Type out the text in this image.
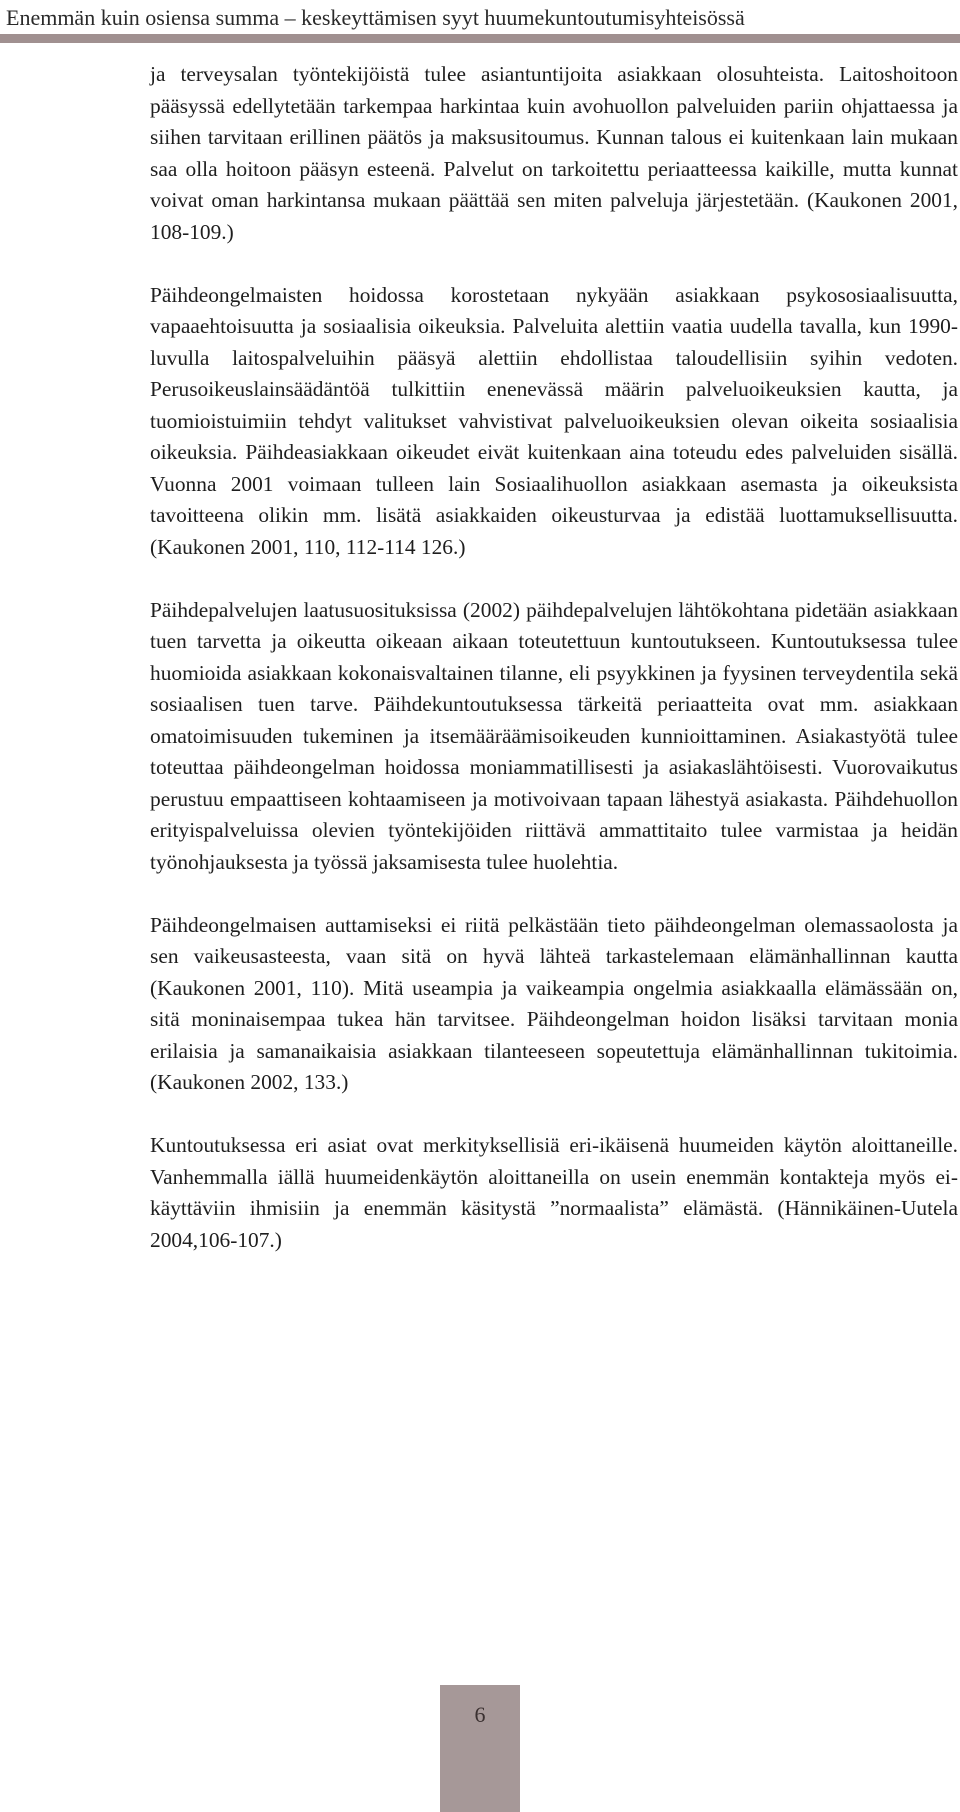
Enemmän kuin osiensa summa – keskeyttämisen syyt huumekuntoutumisyhteisössä

ja terveysalan työntekijöistä tulee asiantuntijoita asiakkaan olosuhteista. Laitoshoitoon pääsyssä edellytetään tarkempaa harkintaa kuin avohuollon palveluiden pariin ohjattaessa ja siihen tarvitaan erillinen päätös ja maksusitoumus. Kunnan talous ei kuitenkaan lain mukaan saa olla hoitoon pääsyn esteenä. Palvelut on tarkoitettu periaatteessa kaikille, mutta kunnat voivat oman harkintansa mukaan päättää sen miten palveluja järjestetään. (Kaukonen 2001, 108-109.)

Päihdeongelmaisten hoidossa korostetaan nykyään asiakkaan psykososiaalisuutta, vapaaehtoisuutta ja sosiaalisia oikeuksia. Palveluita alettiin vaatia uudella tavalla, kun 1990-luvulla laitospalveluihin pääsyä alettiin ehdollistaa taloudellisiin syihin vedoten. Perusoikeuslainsäädäntöä tulkittiin enenevässä määrin palveluoikeuksien kautta, ja tuomioistuimiin tehdyt valitukset vahvistivat palveluoikeuksien olevan oikeita sosiaalisia oikeuksia. Päihdeasiakkaan oikeudet eivät kuitenkaan aina toteudu edes palveluiden sisällä. Vuonna 2001 voimaan tulleen lain Sosiaalihuollon asiakkaan asemasta ja oikeuksista tavoitteena olikin mm. lisätä asiakkaiden oikeusturvaa ja edistää luottamuksellisuutta. (Kaukonen 2001, 110, 112-114 126.)

Päihdepalvelujen laatusuosituksissa (2002) päihdepalvelujen lähtökohtana pidetään asiakkaan tuen tarvetta ja oikeutta oikeaan aikaan toteutettuun kuntoutukseen. Kuntoutuksessa tulee huomioida asiakkaan kokonaisvaltainen tilanne, eli psyykkinen ja fyysinen terveydentila sekä sosiaalisen tuen tarve. Päihdekuntoutuksessa tärkeitä periaatteita ovat mm. asiakkaan omatoimisuuden tukeminen ja itsemääräämisoikeuden kunnioittaminen. Asiakastyötä tulee toteuttaa päihdeongelman hoidossa moniammatillisesti ja asiakaslähtöisesti. Vuorovaikutus perustuu empaattiseen kohtaamiseen ja motivoivaan tapaan lähestyä asiakasta. Päihdehuollon erityispalveluissa olevien työntekijöiden riittävä ammattitaito tulee varmistaa ja heidän työnohjauksesta ja työssä jaksamisesta tulee huolehtia.

Päihdeongelmaisen auttamiseksi ei riitä pelkästään tieto päihdeongelman olemassaolosta ja sen vaikeusasteesta, vaan sitä on hyvä lähteä tarkastelemaan elämänhallinnan kautta (Kaukonen 2001, 110). Mitä useampia ja vaikeampia ongelmia asiakkaalla elämässään on, sitä moninaisempaa tukea hän tarvitsee. Päihdeongelman hoidon lisäksi tarvitaan monia erilaisia ja samanaikaisia asiakkaan tilanteeseen sopeutettuja elämänhallinnan tukitoimia. (Kaukonen 2002, 133.)

Kuntoutuksessa eri asiat ovat merkityksellisiä eri-ikäisenä huumeiden käytön aloittaneille. Vanhemmalla iällä huumeidenkäytön aloittaneilla on usein enemmän kontakteja myös ei-käyttäviin ihmisiin ja enemmän käsitystä ”normaalista” elämästä. (Hännikäinen-Uutela 2004,106-107.)

6
